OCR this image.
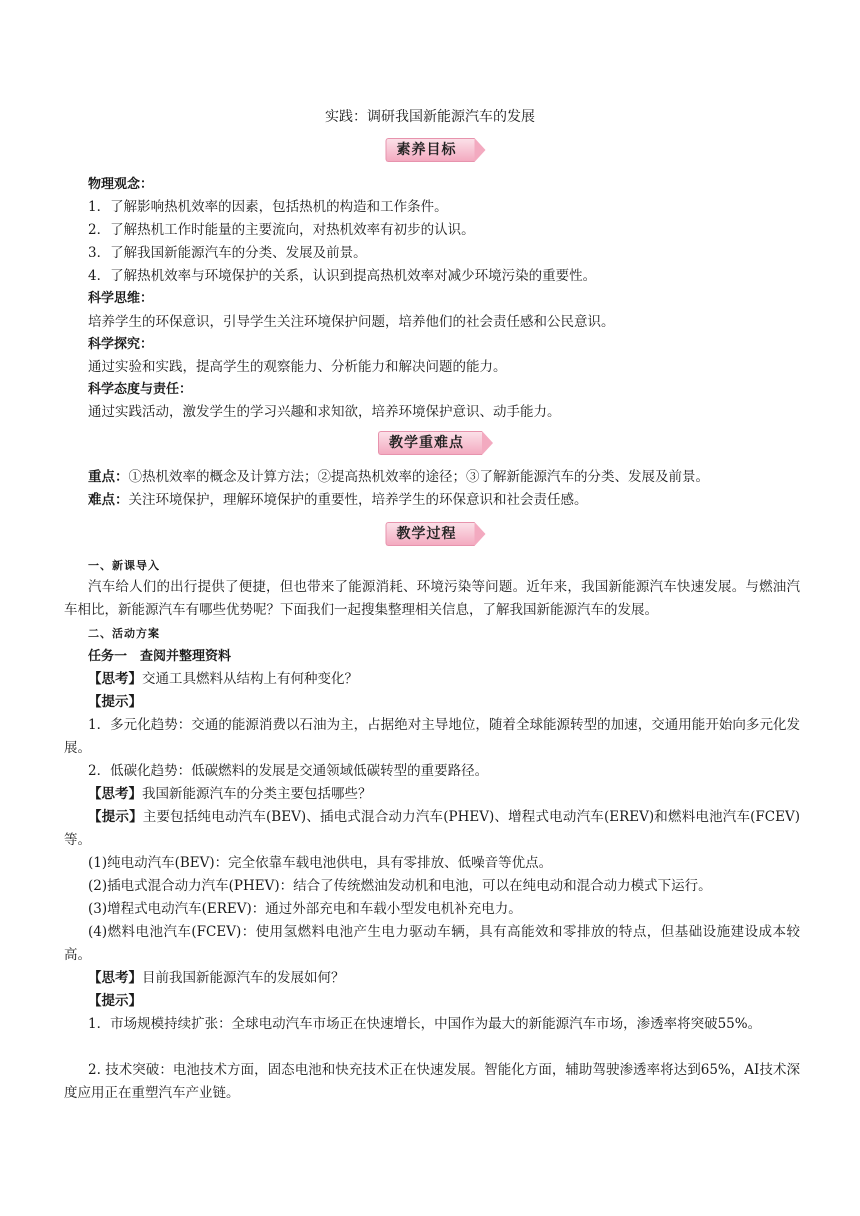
实践：调研我国新能源汽车的发展
素养目标
物理观念：
1．了解影响热机效率的因素，包括热机的构造和工作条件。
2．了解热机工作时能量的主要流向，对热机效率有初步的认识。
3．了解我国新能源汽车的分类、发展及前景。
4．了解热机效率与环境保护的关系，认识到提高热机效率对减少环境污染的重要性。
科学思维：
培养学生的环保意识，引导学生关注环境保护问题，培养他们的社会责任感和公民意识。
科学探究：
通过实验和实践，提高学生的观察能力、分析能力和解决问题的能力。
科学态度与责任：
通过实践活动，激发学生的学习兴趣和求知欲，培养环境保护意识、动手能力。
教学重难点
重点：①热机效率的概念及计算方法；②提高热机效率的途径；③了解新能源汽车的分类、发展及前景。
难点：关注环境保护，理解环境保护的重要性，培养学生的环保意识和社会责任感。
教学过程
一、新课导入
汽车给人们的出行提供了便捷，但也带来了能源消耗、环境污染等问题。近年来，我国新能源汽车快速发展。与燃油汽车相比，新能源汽车有哪些优势呢？下面我们一起搜集整理相关信息，了解我国新能源汽车的发展。
二、活动方案
任务一　查阅并整理资料
【思考】交通工具燃料从结构上有何种变化？
【提示】
1．多元化趋势：交通的能源消费以石油为主，占据绝对主导地位，随着全球能源转型的加速，交通用能开始向多元化发展。
2．低碳化趋势：低碳燃料的发展是交通领域低碳转型的重要路径。
【思考】我国新能源汽车的分类主要包括哪些？
【提示】主要包括纯电动汽车(BEV)、插电式混合动力汽车(PHEV)、增程式电动汽车(EREV)和燃料电池汽车(FCEV)等。
(1)纯电动汽车(BEV)：完全依靠车载电池供电，具有零排放、低噪音等优点。
(2)插电式混合动力汽车(PHEV)：结合了传统燃油发动机和电池，可以在纯电动和混合动力模式下运行。
(3)增程式电动汽车(EREV)：通过外部充电和车载小型发电机补充电力。
(4)燃料电池汽车(FCEV)：使用氢燃料电池产生电力驱动车辆，具有高能效和零排放的特点，但基础设施建设成本较高。
【思考】目前我国新能源汽车的发展如何？
【提示】
1．市场规模持续扩张：全球电动汽车市场正在快速增长，中国作为最大的新能源汽车市场，渗透率将突破55%。
2. 技术突破：电池技术方面，固态电池和快充技术正在快速发展。智能化方面，辅助驾驶渗透率将达到65%，AI技术深度应用正在重塑汽车产业链。
